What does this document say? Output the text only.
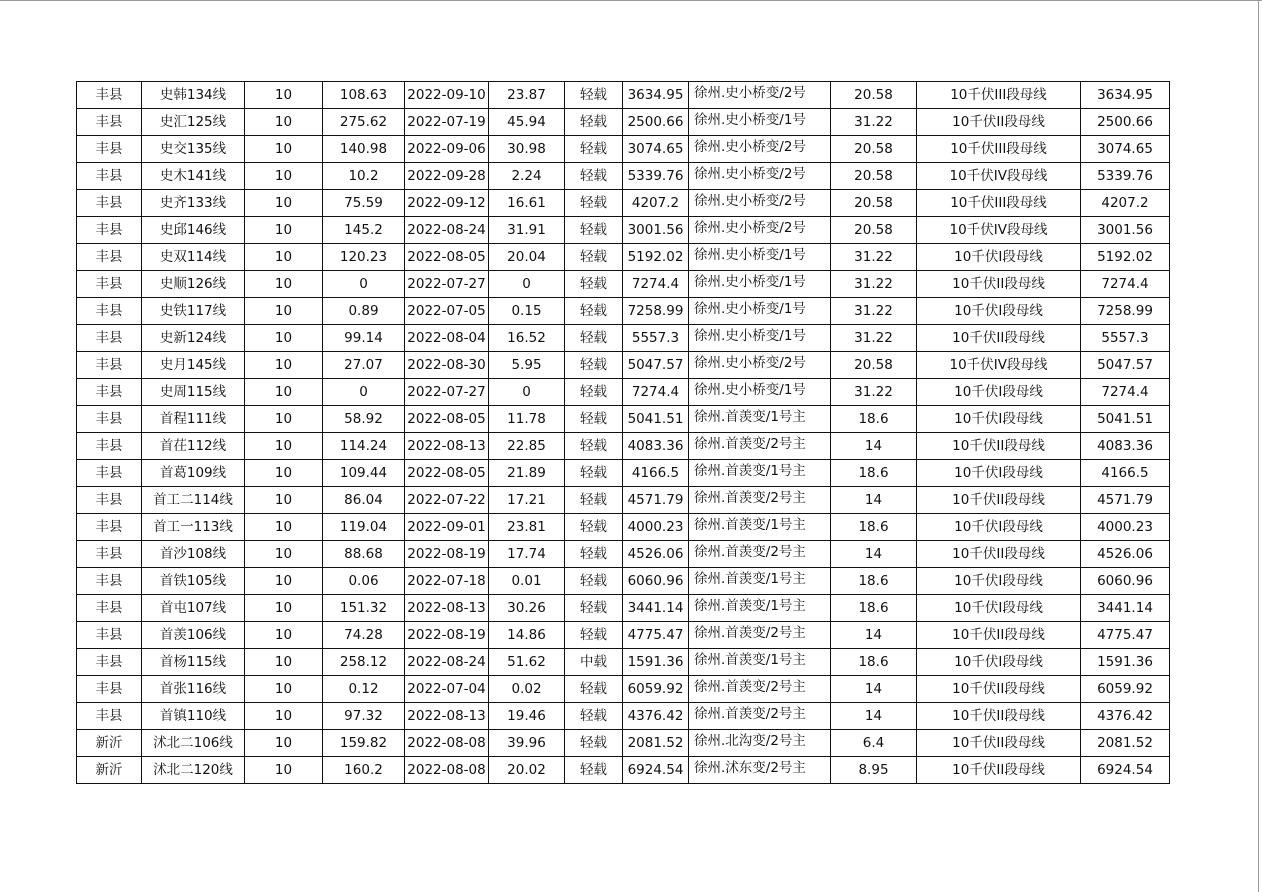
丰县	史韩134线	10	108.63	2022-09-10	23.87	轻载	3634.95	徐州.史小桥变/2号	20.58	10千伏III段母线	3634.95
丰县	史汇125线	10	275.62	2022-07-19	45.94	轻载	2500.66	徐州.史小桥变/1号	31.22	10千伏II段母线	2500.66
丰县	史交135线	10	140.98	2022-09-06	30.98	轻载	3074.65	徐州.史小桥变/2号	20.58	10千伏III段母线	3074.65
丰县	史木141线	10	10.2	2022-09-28	2.24	轻载	5339.76	徐州.史小桥变/2号	20.58	10千伏IV段母线	5339.76
丰县	史齐133线	10	75.59	2022-09-12	16.61	轻载	4207.2	徐州.史小桥变/2号	20.58	10千伏III段母线	4207.2
丰县	史邱146线	10	145.2	2022-08-24	31.91	轻载	3001.56	徐州.史小桥变/2号	20.58	10千伏IV段母线	3001.56
丰县	史双114线	10	120.23	2022-08-05	20.04	轻载	5192.02	徐州.史小桥变/1号	31.22	10千伏Ⅰ段母线	5192.02
丰县	史顺126线	10	0	2022-07-27	0	轻载	7274.4	徐州.史小桥变/1号	31.22	10千伏II段母线	7274.4
丰县	史铁117线	10	0.89	2022-07-05	0.15	轻载	7258.99	徐州.史小桥变/1号	31.22	10千伏Ⅰ段母线	7258.99
丰县	史新124线	10	99.14	2022-08-04	16.52	轻载	5557.3	徐州.史小桥变/1号	31.22	10千伏II段母线	5557.3
丰县	史月145线	10	27.07	2022-08-30	5.95	轻载	5047.57	徐州.史小桥变/2号	20.58	10千伏IV段母线	5047.57
丰县	史周115线	10	0	2022-07-27	0	轻载	7274.4	徐州.史小桥变/1号	31.22	10千伏Ⅰ段母线	7274.4
丰县	首程111线	10	58.92	2022-08-05	11.78	轻载	5041.51	徐州.首羡变/1号主	18.6	10千伏Ⅰ段母线	5041.51
丰县	首茌112线	10	114.24	2022-08-13	22.85	轻载	4083.36	徐州.首羡变/2号主	14	10千伏II段母线	4083.36
丰县	首葛109线	10	109.44	2022-08-05	21.89	轻载	4166.5	徐州.首羡变/1号主	18.6	10千伏Ⅰ段母线	4166.5
丰县	首工二114线	10	86.04	2022-07-22	17.21	轻载	4571.79	徐州.首羡变/2号主	14	10千伏II段母线	4571.79
丰县	首工一113线	10	119.04	2022-09-01	23.81	轻载	4000.23	徐州.首羡变/1号主	18.6	10千伏Ⅰ段母线	4000.23
丰县	首沙108线	10	88.68	2022-08-19	17.74	轻载	4526.06	徐州.首羡变/2号主	14	10千伏II段母线	4526.06
丰县	首铁105线	10	0.06	2022-07-18	0.01	轻载	6060.96	徐州.首羡变/1号主	18.6	10千伏Ⅰ段母线	6060.96
丰县	首屯107线	10	151.32	2022-08-13	30.26	轻载	3441.14	徐州.首羡变/1号主	18.6	10千伏Ⅰ段母线	3441.14
丰县	首羡106线	10	74.28	2022-08-19	14.86	轻载	4775.47	徐州.首羡变/2号主	14	10千伏II段母线	4775.47
丰县	首杨115线	10	258.12	2022-08-24	51.62	中载	1591.36	徐州.首羡变/1号主	18.6	10千伏Ⅰ段母线	1591.36
丰县	首张116线	10	0.12	2022-07-04	0.02	轻载	6059.92	徐州.首羡变/2号主	14	10千伏II段母线	6059.92
丰县	首镇110线	10	97.32	2022-08-13	19.46	轻载	4376.42	徐州.首羡变/2号主	14	10千伏II段母线	4376.42
新沂	沭北二106线	10	159.82	2022-08-08	39.96	轻载	2081.52	徐州.北沟变/2号主	6.4	10千伏II段母线	2081.52
新沂	沭北二120线	10	160.2	2022-08-08	20.02	轻载	6924.54	徐州.沭东变/2号主	8.95	10千伏II段母线	6924.54
